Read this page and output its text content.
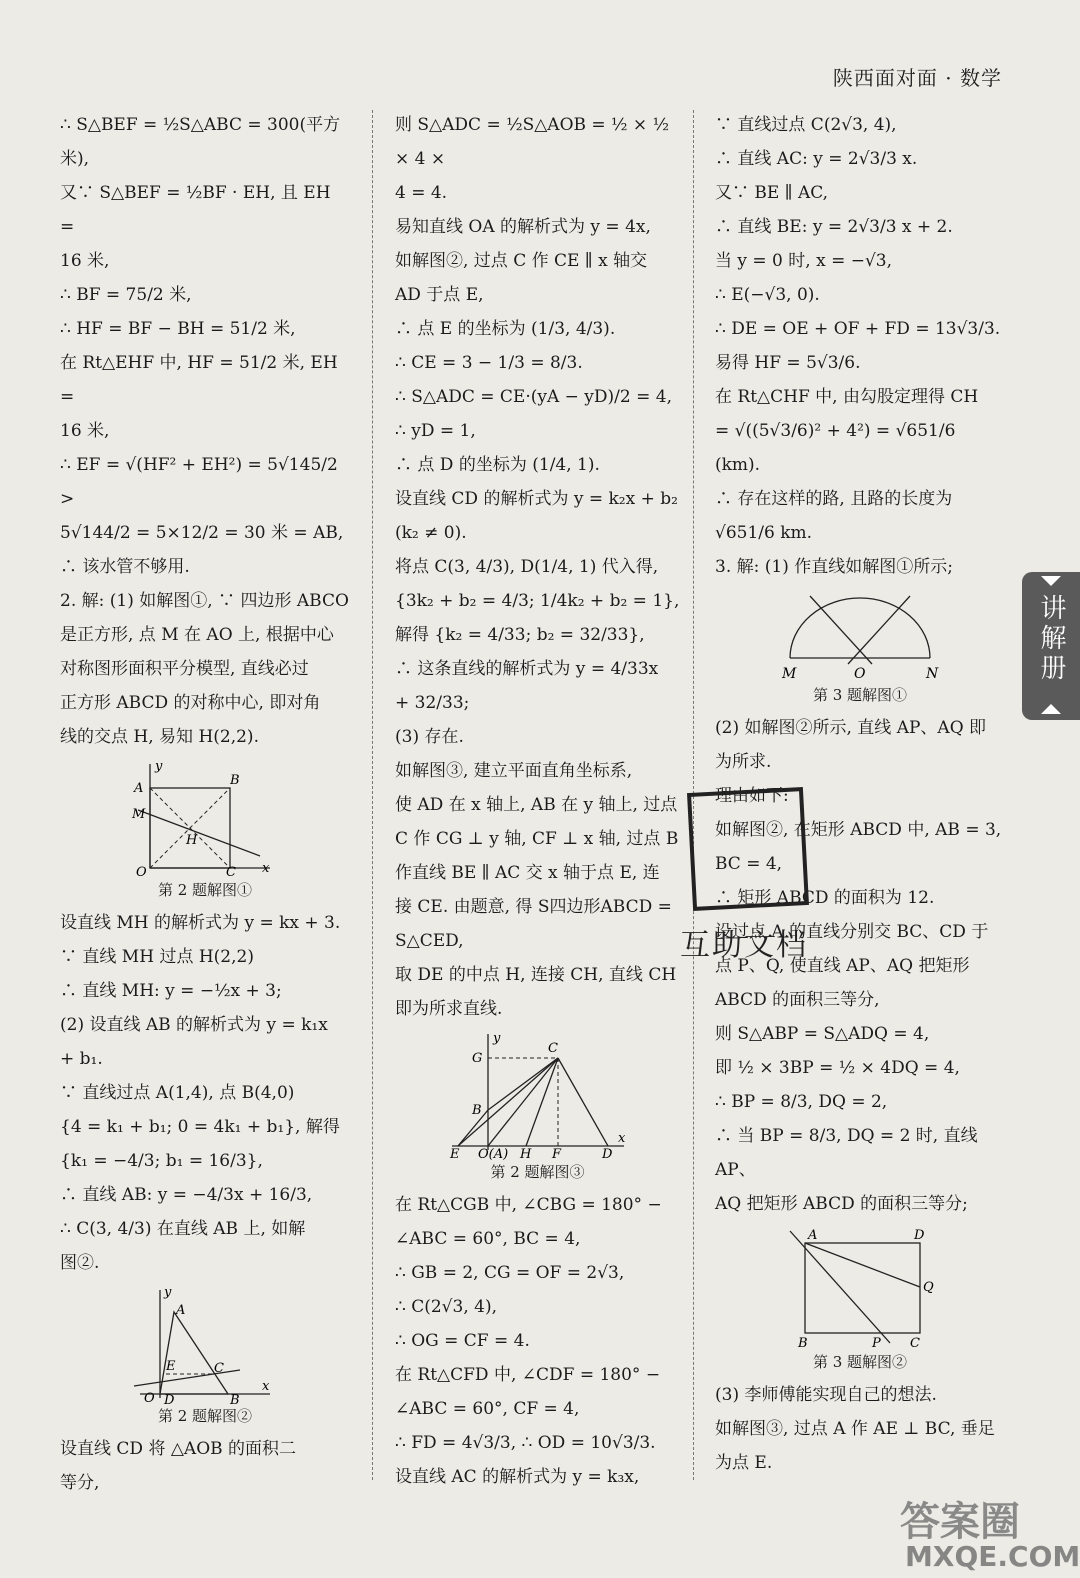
陕西面对面 · 数学
讲解册
∴ S△BEF = ½S△ABC = 300(平方米),
又∵ S△BEF = ½BF · EH, 且 EH =
16 米,
∴ BF = 75/2 米,
∴ HF = BF − BH = 51/2 米,
在 Rt△EHF 中, HF = 51/2 米, EH =
16 米,
∴ EF = √(HF² + EH²) = 5√145/2 >
5√144/2 = 5×12/2 = 30 米 = AB,
∴ 该水管不够用.
2. 解: (1) 如解图①, ∵ 四边形 ABCO
是正方形, 点 M 在 AO 上, 根据中心
对称图形面积平分模型, 直线必过
正方形 ABCD 的对称中心, 即对角
线的交点 H, 易知 H(2,2).
y
A
B
M
H
O	C x
第 2 题解图①
设直线 MH 的解析式为 y = kx + 3.
∵ 直线 MH 过点 H(2,2)
∴ 直线 MH: y = −½x + 3;
(2) 设直线 AB 的解析式为 y = k₁x
+ b₁.
∵ 直线过点 A(1,4), 点 B(4,0)
{4 = k₁ + b₁; 0 = 4k₁ + b₁}, 解得 {k₁ = −4/3; b₁ = 16/3},
∴ 直线 AB: y = −4/3x + 16/3,
∴ C(3, 4/3) 在直线 AB 上, 如解
图②.
y
A
E	C
O D	B
x
第 2 题解图②
设直线 CD 将 △AOB 的面积二
等分,
则 S△ADC = ½S△AOB = ½ × ½ × 4 ×
4 = 4.
易知直线 OA 的解析式为 y = 4x,
如解图②, 过点 C 作 CE ∥ x 轴交
AD 于点 E,
∴ 点 E 的坐标为 (1/3, 4/3).
∴ CE = 3 − 1/3 = 8/3.
∴ S△ADC = CE·(yA − yD)/2 = 4,
∴ yD = 1,
∴ 点 D 的坐标为 (1/4, 1).
设直线 CD 的解析式为 y = k₂x + b₂
(k₂ ≠ 0).
将点 C(3, 4/3), D(1/4, 1) 代入得,
{3k₂ + b₂ = 4/3; 1/4k₂ + b₂ = 1}, 解得 {k₂ = 4/33; b₂ = 32/33},
∴ 这条直线的解析式为 y = 4/33x
+ 32/33;
(3) 存在.
如解图③, 建立平面直角坐标系,
使 AD 在 x 轴上, AB 在 y 轴上, 过点
C 作 CG ⊥ y 轴, CF ⊥ x 轴, 过点 B
作直线 BE ∥ AC 交 x 轴于点 E, 连
接 CE. 由题意, 得 S四边形ABCD = S△CED,
取 DE 的中点 H, 连接 CH, 直线 CH
即为所求直线.
y
G
C
B
E O(A) H F	D
x
第 2 题解图③
在 Rt△CGB 中, ∠CBG = 180° −
∠ABC = 60°, BC = 4,
∴ GB = 2, CG = OF = 2√3,
∴ C(2√3, 4),
∴ OG = CF = 4.
在 Rt△CFD 中, ∠CDF = 180° −
∠ABC = 60°, CF = 4,
∴ FD = 4√3/3, ∴ OD = 10√3/3.
设直线 AC 的解析式为 y = k₃x,
∵ 直线过点 C(2√3, 4),
∴ 直线 AC: y = 2√3/3 x.
又∵ BE ∥ AC,
∴ 直线 BE: y = 2√3/3 x + 2.
当 y = 0 时, x = −√3,
∴ E(−√3, 0).
∴ DE = OE + OF + FD = 13√3/3.
易得 HF = 5√3/6.
在 Rt△CHF 中, 由勾股定理得 CH
= √((5√3/6)² + 4²) = √651/6 (km).
∴ 存在这样的路, 且路的长度为
√651/6 km.
3. 解: (1) 作直线如解图①所示;
M	O	N
第 3 题解图①
(2) 如解图②所示, 直线 AP、AQ 即
为所求.
理由如下:
如解图②, 在矩形 ABCD 中, AB = 3,
BC = 4,
∴ 矩形 ABCD 的面积为 12.
设过点 A 的直线分别交 BC、CD 于
点 P、Q, 使直线 AP、AQ 把矩形
ABCD 的面积三等分,
则 S△ABP = S△ADQ = 4,
即 ½ × 3BP = ½ × 4DQ = 4,
∴ BP = 8/3, DQ = 2,
∴ 当 BP = 8/3, DQ = 2 时, 直线 AP、
AQ 把矩形 ABCD 的面积三等分;
A	D
Q
B	P C
第 3 题解图②
(3) 李师傅能实现自己的想法.
如解图③, 过点 A 作 AE ⊥ BC, 垂足
为点 E.
互助文档
答案圈
MXQE.COM
